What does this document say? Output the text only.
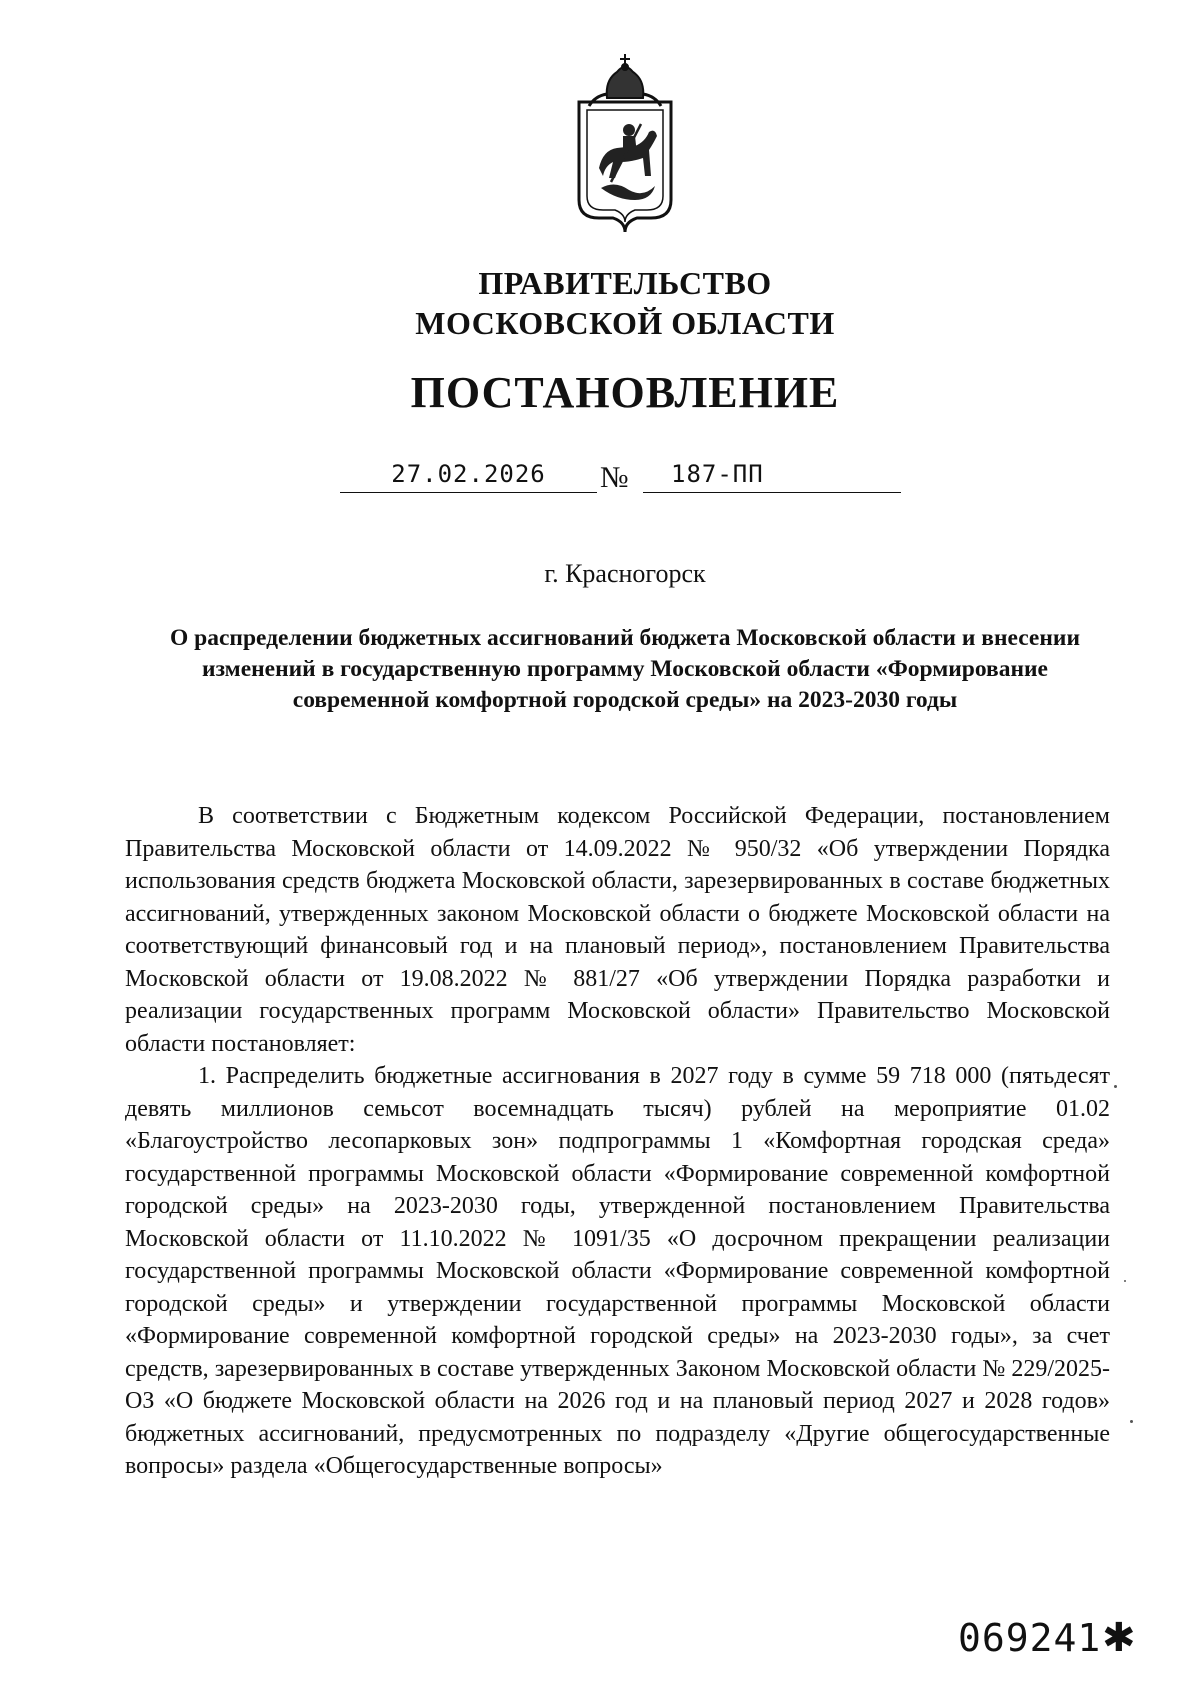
ПРАВИТЕЛЬСТВО
МОСКОВСКОЙ ОБЛАСТИ
ПОСТАНОВЛЕНИЕ
27.02.2026	№	187-ПП
г. Красногорск
О распределении бюджетных ассигнований бюджета Московской области и внесении изменений в государственную программу Московской области «Формирование современной комфортной городской среды» на 2023-2030 годы

В соответствии с Бюджетным кодексом Российской Федерации, постановлением Правительства Московской области от 14.09.2022 № 950/32 «Об утверждении Порядка использования средств бюджета Московской области, зарезервированных в составе бюджетных ассигнований, утвержденных законом Московской области о бюджете Московской области на соответствующий финансовый год и на плановый период», постановлением Правительства Московской области от 19.08.2022 № 881/27 «Об утверждении Порядка разработки и реализации государственных программ Московской области» Правительство Московской области постановляет:

1. Распределить бюджетные ассигнования в 2027 году в сумме 59 718 000 (пятьдесят девять миллионов семьсот восемнадцать тысяч) рублей на мероприятие 01.02 «Благоустройство лесопарковых зон» подпрограммы 1 «Комфортная городская среда» государственной программы Московской области «Формирование современной комфортной городской среды» на 2023-2030 годы, утвержденной постановлением Правительства Московской области от 11.10.2022 № 1091/35 «О досрочном прекращении реализации государственной программы Московской области «Формирование современной комфортной городской среды» и утверждении государственной программы Московской области «Формирование современной комфортной городской среды» на 2023-2030 годы», за счет средств, зарезервированных в составе утвержденных Законом Московской области № 229/2025-ОЗ «О бюджете Московской области на 2026 год и на плановый период 2027 и 2028 годов» бюджетных ассигнований, предусмотренных по подразделу «Другие общегосударственные вопросы» раздела «Общегосударственные вопросы»

069241 ✱
